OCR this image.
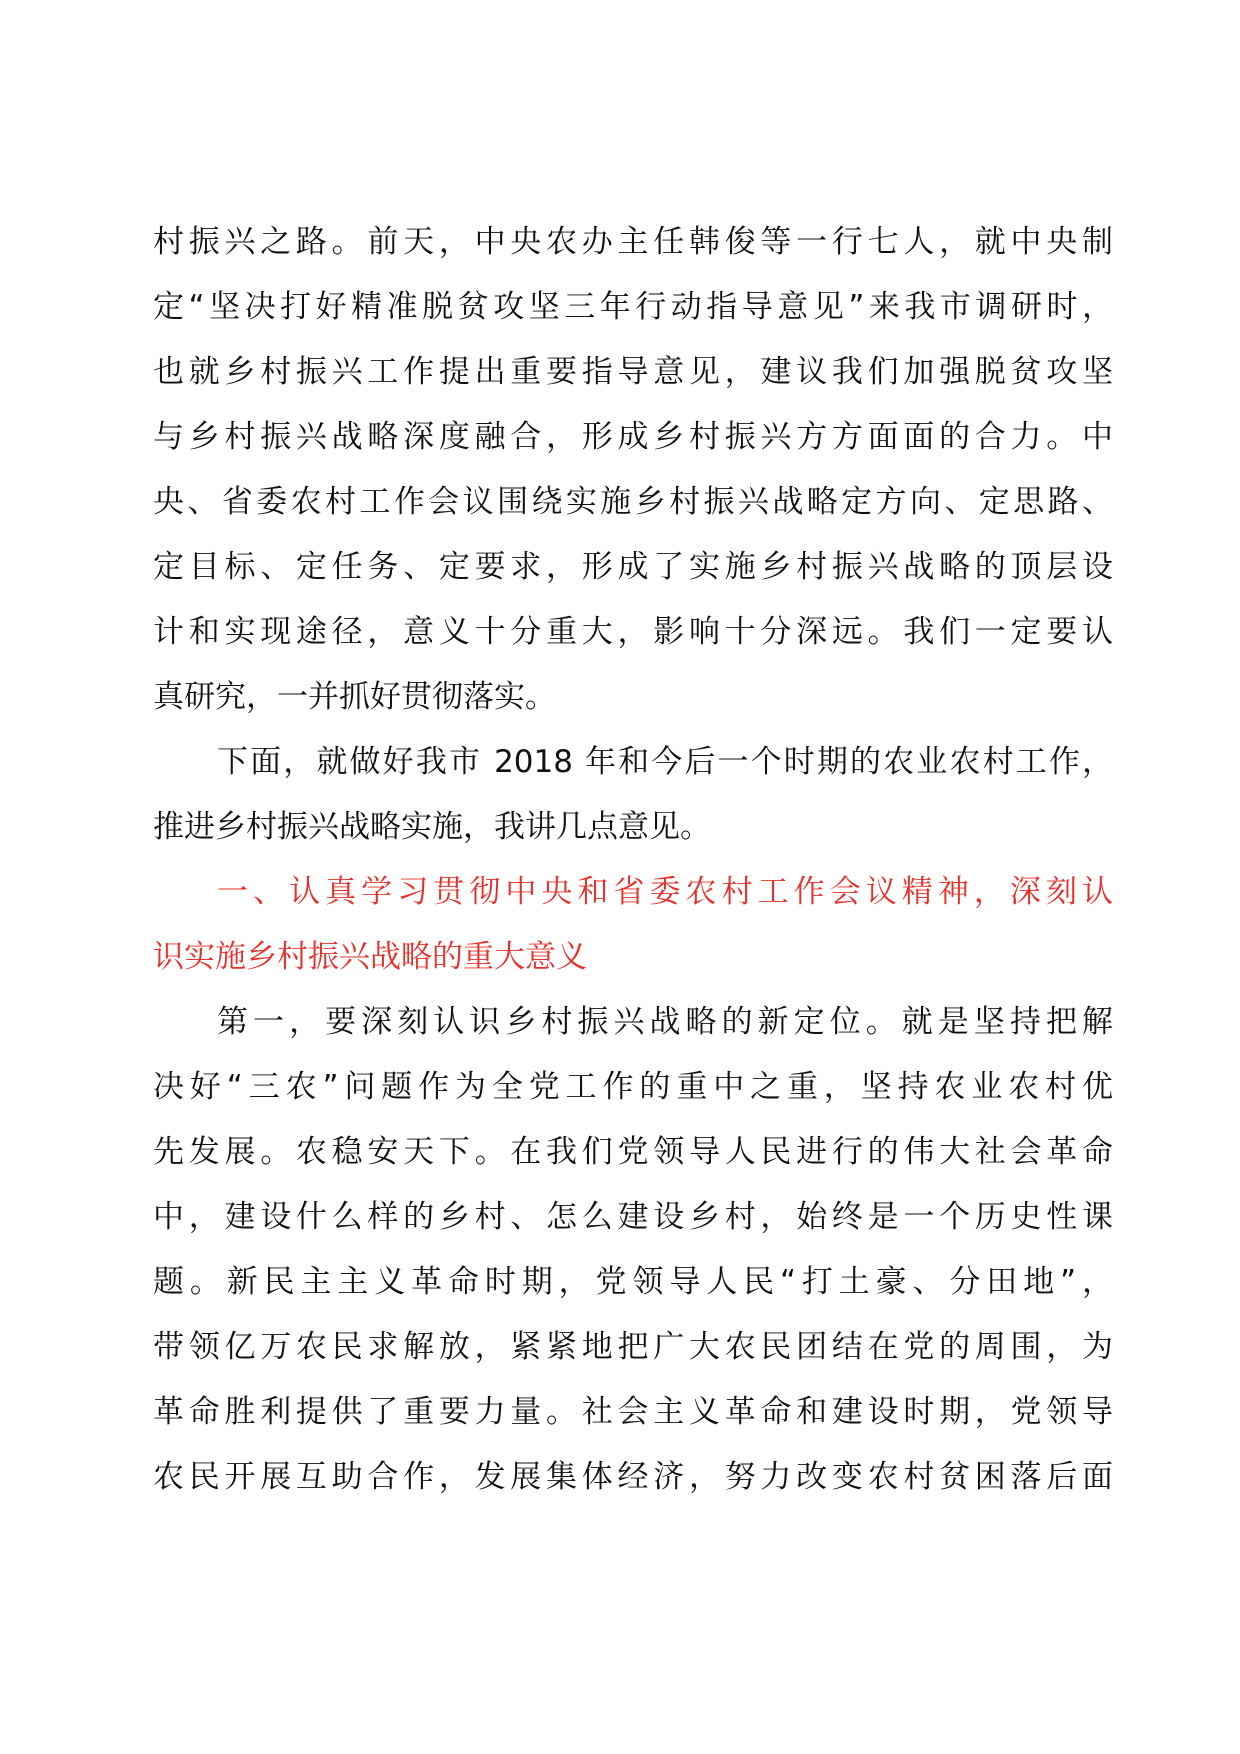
村振兴之路。前天，中央农办主任韩俊等一行七人，就中央制
定“坚决打好精准脱贫攻坚三年行动指导意见”来我市调研时，
也就乡村振兴工作提出重要指导意见，建议我们加强脱贫攻坚
与乡村振兴战略深度融合，形成乡村振兴方方面面的合力。中
央、省委农村工作会议围绕实施乡村振兴战略定方向、定思路、
定目标、定任务、定要求，形成了实施乡村振兴战略的顶层设
计和实现途径，意义十分重大，影响十分深远。我们一定要认
真研究，一并抓好贯彻落实。

下面，就做好我市 2018 年和今后一个时期的农业农村工作，
推进乡村振兴战略实施，我讲几点意见。

一、认真学习贯彻中央和省委农村工作会议精神，深刻认
识实施乡村振兴战略的重大意义

第一，要深刻认识乡村振兴战略的新定位。就是坚持把解
决好“三农”问题作为全党工作的重中之重，坚持农业农村优
先发展。农稳安天下。在我们党领导人民进行的伟大社会革命
中，建设什么样的乡村、怎么建设乡村，始终是一个历史性课
题。新民主主义革命时期，党领导人民“打土豪、分田地”，
带领亿万农民求解放，紧紧地把广大农民团结在党的周围，为
革命胜利提供了重要力量。社会主义革命和建设时期，党领导
农民开展互助合作，发展集体经济，努力改变农村贫困落后面
